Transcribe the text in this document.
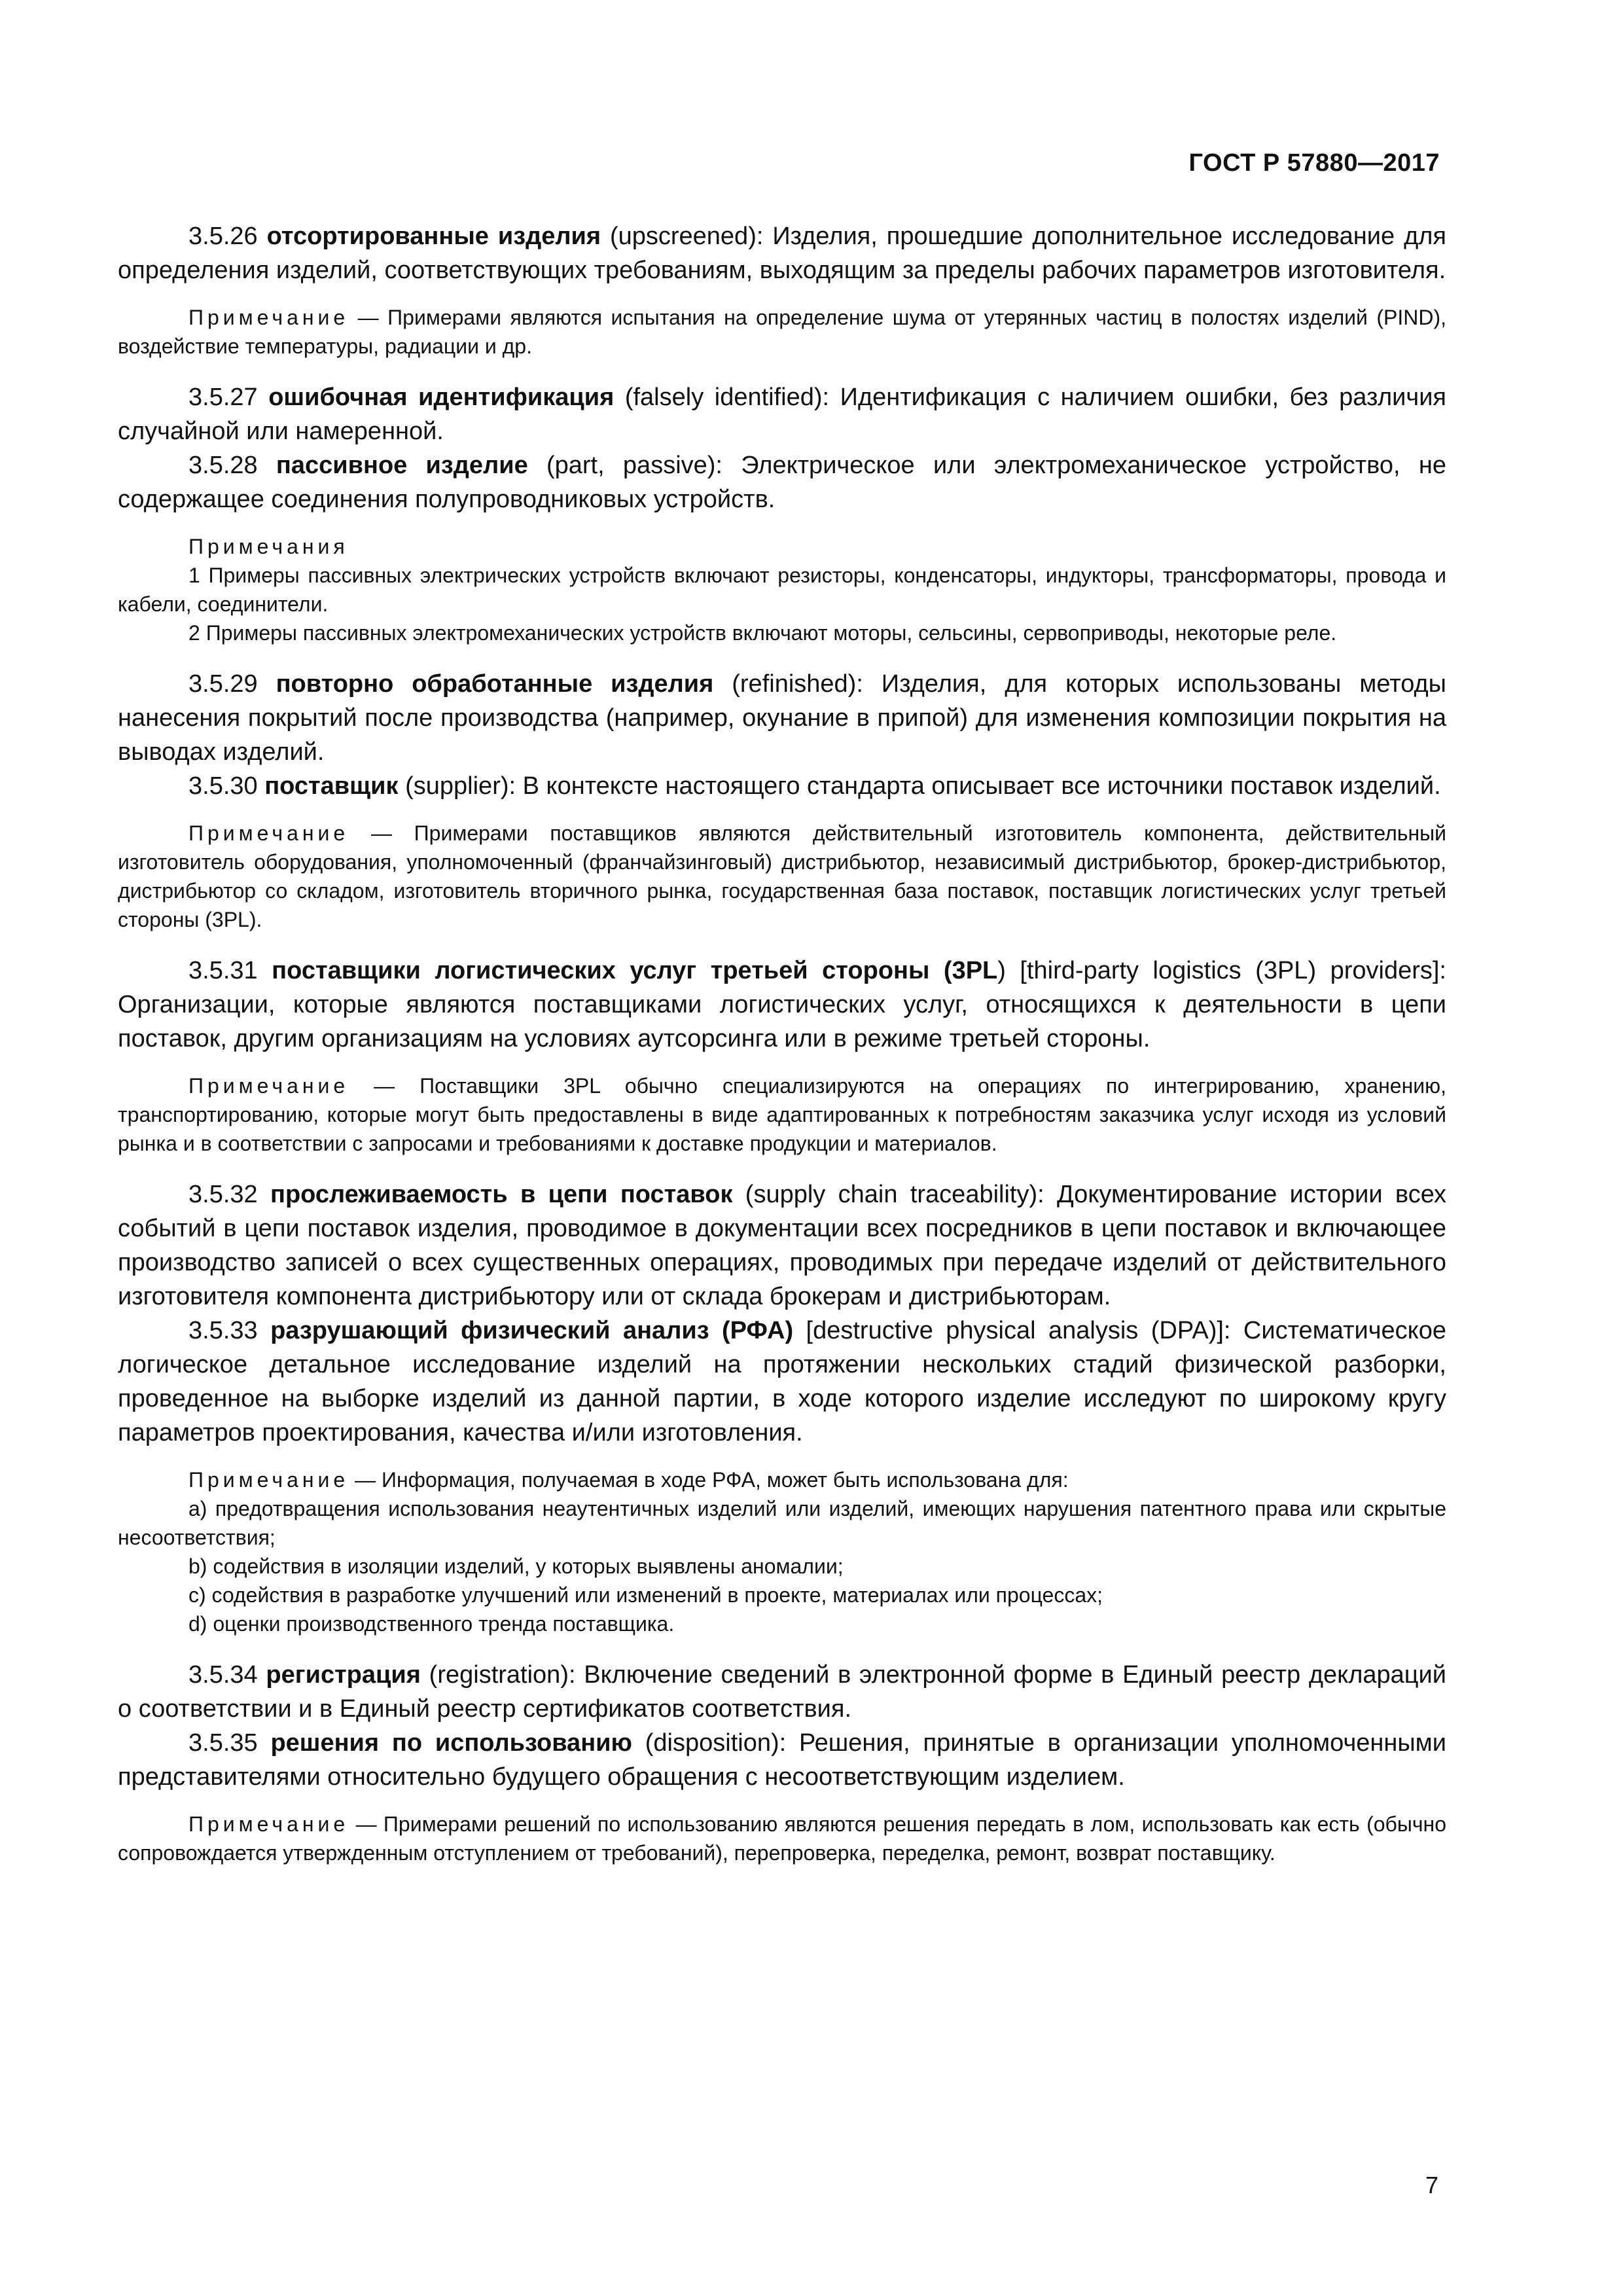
ГОСТ Р 57880—2017

3.5.26 отсортированные изделия (upscreened): Изделия, прошедшие дополнительное исследование для определения изделий, соответствующих требованиям, выходящим за пределы рабочих параметров изготовителя.

Примечание — Примерами являются испытания на определение шума от утерянных частиц в полостях изделий (PIND), воздействие температуры, радиации и др.

3.5.27 ошибочная идентификация (falsely identified): Идентификация с наличием ошибки, без различия случайной или намеренной.

3.5.28 пассивное изделие (part, passive): Электрическое или электромеханическое устройство, не содержащее соединения полупроводниковых устройств.

Примечания

1 Примеры пассивных электрических устройств включают резисторы, конденсаторы, индукторы, трансформаторы, провода и кабели, соединители.

2 Примеры пассивных электромеханических устройств включают моторы, сельсины, сервоприводы, некоторые реле.

3.5.29 повторно обработанные изделия (refinished): Изделия, для которых использованы методы нанесения покрытий после производства (например, окунание в припой) для изменения композиции покрытия на выводах изделий.

3.5.30 поставщик (supplier): В контексте настоящего стандарта описывает все источники поставок изделий.

Примечание — Примерами поставщиков являются действительный изготовитель компонента, действительный изготовитель оборудования, уполномоченный (франчайзинговый) дистрибьютор, независимый дистрибьютор, брокер-дистрибьютор, дистрибьютор со складом, изготовитель вторичного рынка, государственная база поставок, поставщик логистических услуг третьей стороны (3PL).

3.5.31 поставщики логистических услуг третьей стороны (3PL) [third-party logistics (3PL) providers]: Организации, которые являются поставщиками логистических услуг, относящихся к деятельности в цепи поставок, другим организациям на условиях аутсорсинга или в режиме третьей стороны.

Примечание — Поставщики 3PL обычно специализируются на операциях по интегрированию, хранению, транспортированию, которые могут быть предоставлены в виде адаптированных к потребностям заказчика услуг исходя из условий рынка и в соответствии с запросами и требованиями к доставке продукции и материалов.

3.5.32 прослеживаемость в цепи поставок (supply chain traceability): Документирование истории всех событий в цепи поставок изделия, проводимое в документации всех посредников в цепи поставок и включающее производство записей о всех существенных операциях, проводимых при передаче изделий от действительного изготовителя компонента дистрибьютору или от склада брокерам и дистрибьюторам.

3.5.33 разрушающий физический анализ (РФА) [destructive physical analysis (DPA)]: Систематическое логическое детальное исследование изделий на протяжении нескольких стадий физической разборки, проведенное на выборке изделий из данной партии, в ходе которого изделие исследуют по широкому кругу параметров проектирования, качества и/или изготовления.

Примечание — Информация, получаемая в ходе РФА, может быть использована для:

a) предотвращения использования неаутентичных изделий или изделий, имеющих нарушения патентного права или скрытые несоответствия;

b) содействия в изоляции изделий, у которых выявлены аномалии;

c) содействия в разработке улучшений или изменений в проекте, материалах или процессах;

d) оценки производственного тренда поставщика.

3.5.34 регистрация (registration): Включение сведений в электронной форме в Единый реестр деклараций о соответствии и в Единый реестр сертификатов соответствия.

3.5.35 решения по использованию (disposition): Решения, принятые в организации уполномоченными представителями относительно будущего обращения с несоответствующим изделием.

Примечание — Примерами решений по использованию являются решения передать в лом, использовать как есть (обычно сопровождается утвержденным отступлением от требований), перепроверка, переделка, ремонт, возврат поставщику.

7
